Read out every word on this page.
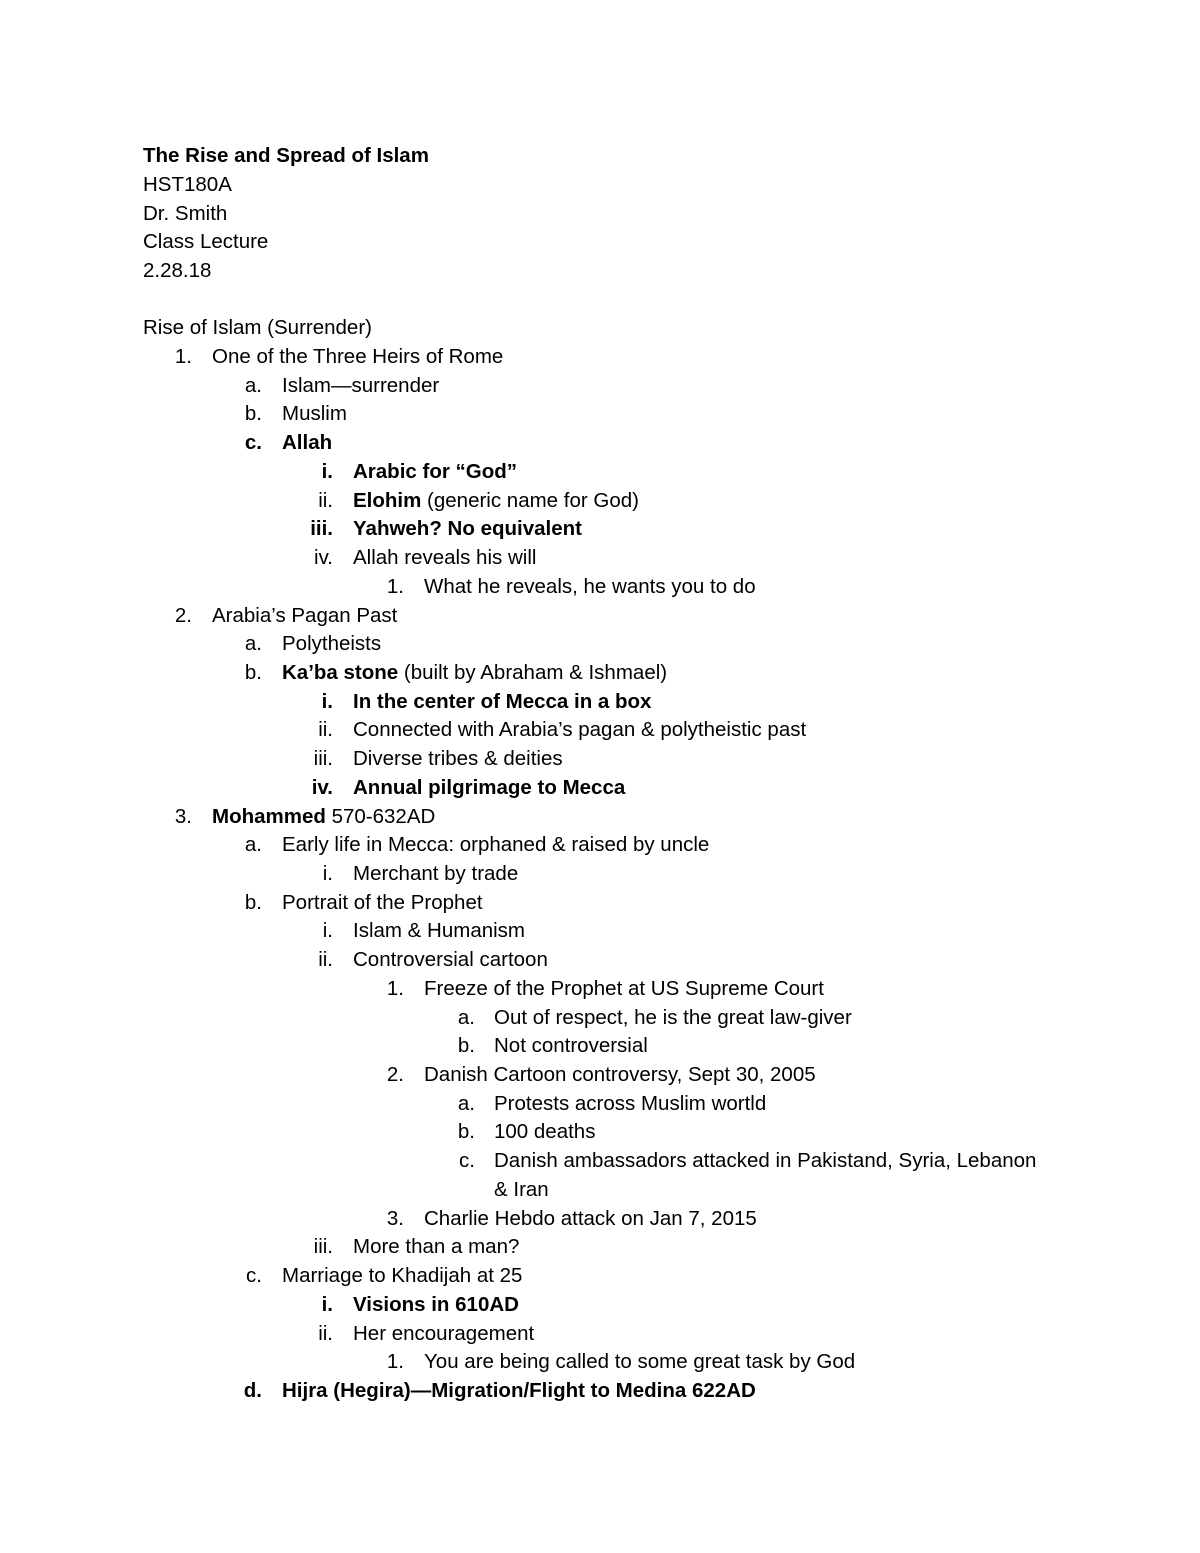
The Rise and Spread of Islam
HST180A
Dr. Smith
Class Lecture
2.28.18
Rise of Islam (Surrender)
1. One of the Three Heirs of Rome
a. Islam—surrender
b. Muslim
c. Allah
i. Arabic for “God”
ii. Elohim (generic name for God)
iii. Yahweh? No equivalent
iv. Allah reveals his will
1. What he reveals, he wants you to do
2. Arabia’s Pagan Past
a. Polytheists
b. Ka’ba stone (built by Abraham & Ishmael)
i. In the center of Mecca in a box
ii. Connected with Arabia’s pagan & polytheistic past
iii. Diverse tribes & deities
iv. Annual pilgrimage to Mecca
3. Mohammed 570-632AD
a. Early life in Mecca: orphaned & raised by uncle
i. Merchant by trade
b. Portrait of the Prophet
i. Islam & Humanism
ii. Controversial cartoon
1. Freeze of the Prophet at US Supreme Court
a. Out of respect, he is the great law-giver
b. Not controversial
2. Danish Cartoon controversy, Sept 30, 2005
a. Protests across Muslim wortld
b. 100 deaths
c. Danish ambassadors attacked in Pakistand, Syria, Lebanon
& Iran
3. Charlie Hebdo attack on Jan 7, 2015
iii. More than a man?
c. Marriage to Khadijah at 25
i. Visions in 610AD
ii. Her encouragement
1. You are being called to some great task by God
d. Hijra (Hegira)—Migration/Flight to Medina 622AD
